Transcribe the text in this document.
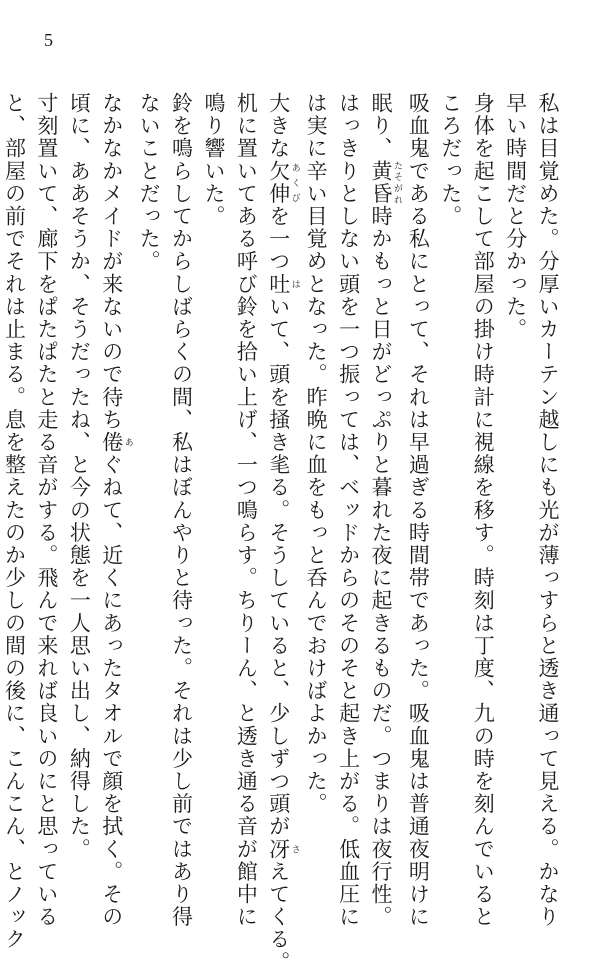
5
私は目覚めた。分厚いカーテン越しにも光が薄っすらと透き通って見える。かなり
早い時間だと分かった。
身体を起こして部屋の掛け時計に視線を移す。時刻は丁度、九の時を刻んでいると
ころだった。
吸血鬼である私にとって、それは早過ぎる時間帯であった。吸血鬼は普通夜明けに
眠り、黄昏 たそがれ時かもっと日がどっぷりと暮れた夜に起きるものだ。つまりは夜行性。
はっきりとしない頭を一つ振っては、ベッドからのそのそと起き上がる。低血圧に
は実に辛い目覚めとなった。昨晩に血をもっと呑んでおけばよかった。
大きな欠伸 あくびを一つ吐 はいて、頭を掻き毟る。そうしていると、少しずつ頭が冴 さえてくる。
机に置いてある呼び鈴を拾い上げ、一つ鳴らす。ちりーん、と透き通る音が館中に
鳴り響いた。
鈴を鳴らしてからしばらくの間、私はぼんやりと待った。それは少し前ではあり得
ないことだった。
なかなかメイドが来ないので待ち倦 あぐねて、近くにあったタオルで顔を拭く。その
頃に、ああそうか、そうだったね、と今の状態を一人思い出し、納得した。
寸刻置いて、廊下をぱたぱたと走る音がする。飛んで来れば良いのにと思っている
と、部屋の前でそれは止まる。息を整えたのか少しの間の後に、こんこん、とノック
